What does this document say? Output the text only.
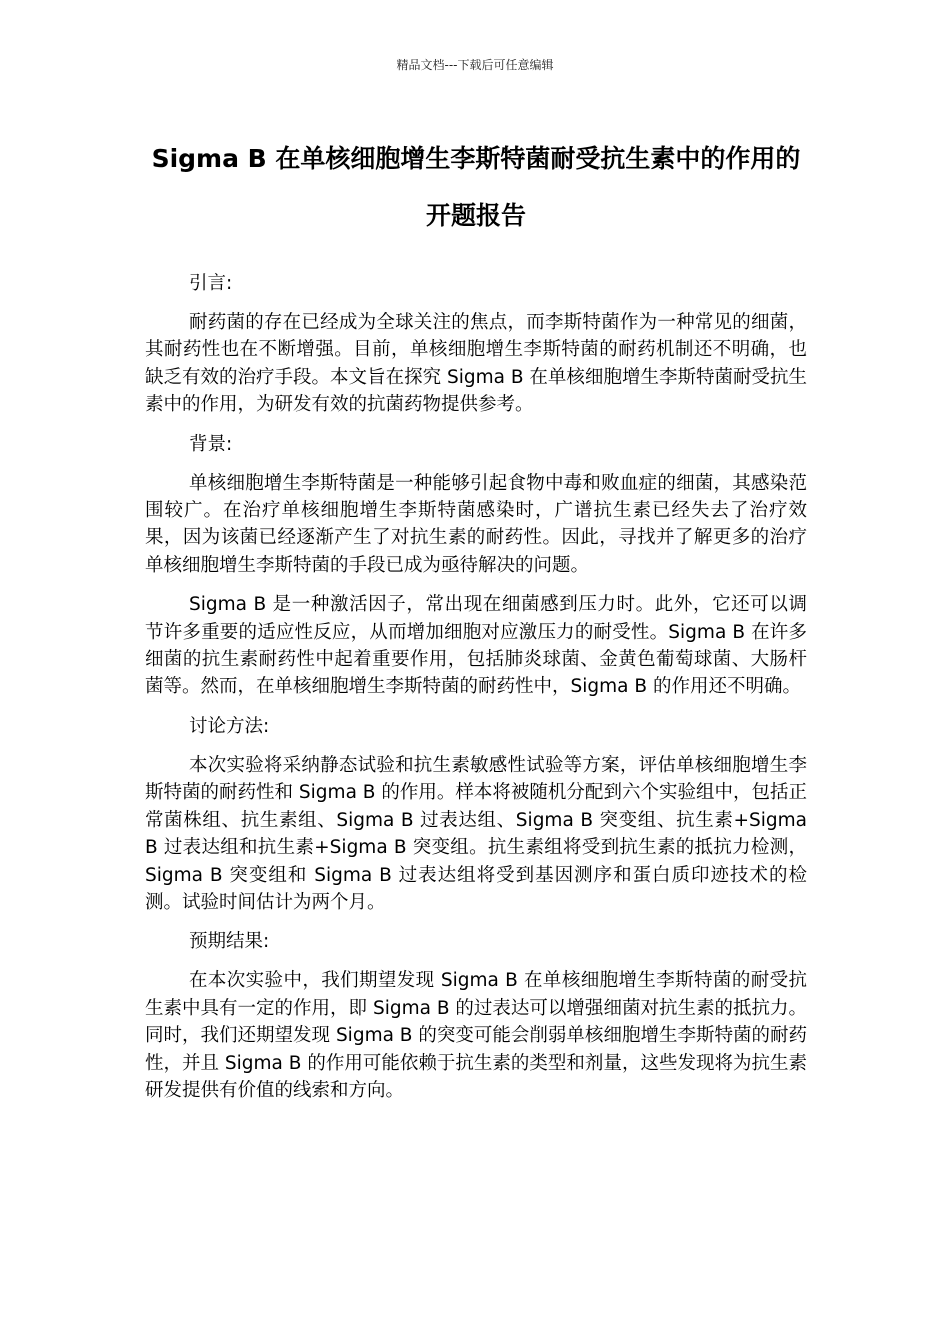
精品文档---下载后可任意编辑
Sigma B 在单核细胞增生李斯特菌耐受抗生素中的作用的开题报告

引言:

耐药菌的存在已经成为全球关注的焦点，而李斯特菌作为一种常见的细菌，其耐药性也在不断增强。目前，单核细胞增生李斯特菌的耐药机制还不明确，也缺乏有效的治疗手段。本文旨在探究 Sigma B 在单核细胞增生李斯特菌耐受抗生素中的作用，为研发有效的抗菌药物提供参考。

背景:

单核细胞增生李斯特菌是一种能够引起食物中毒和败血症的细菌，其感染范围较广。在治疗单核细胞增生李斯特菌感染时，广谱抗生素已经失去了治疗效果，因为该菌已经逐渐产生了对抗生素的耐药性。因此，寻找并了解更多的治疗单核细胞增生李斯特菌的手段已成为亟待解决的问题。

Sigma B 是一种激活因子，常出现在细菌感到压力时。此外，它还可以调节许多重要的适应性反应，从而增加细胞对应激压力的耐受性。Sigma B 在许多细菌的抗生素耐药性中起着重要作用，包括肺炎球菌、金黄色葡萄球菌、大肠杆菌等。然而，在单核细胞增生李斯特菌的耐药性中，Sigma B 的作用还不明确。

讨论方法:

本次实验将采纳静态试验和抗生素敏感性试验等方案，评估单核细胞增生李斯特菌的耐药性和 Sigma B 的作用。样本将被随机分配到六个实验组中，包括正常菌株组、抗生素组、Sigma B 过表达组、Sigma B 突变组、抗生素+Sigma B 过表达组和抗生素+Sigma B 突变组。抗生素组将受到抗生素的抵抗力检测，Sigma B 突变组和 Sigma B 过表达组将受到基因测序和蛋白质印迹技术的检测。试验时间估计为两个月。

预期结果:

在本次实验中，我们期望发现 Sigma B 在单核细胞增生李斯特菌的耐受抗生素中具有一定的作用，即 Sigma B 的过表达可以增强细菌对抗生素的抵抗力。同时，我们还期望发现 Sigma B 的突变可能会削弱单核细胞增生李斯特菌的耐药性，并且 Sigma B 的作用可能依赖于抗生素的类型和剂量，这些发现将为抗生素研发提供有价值的线索和方向。
